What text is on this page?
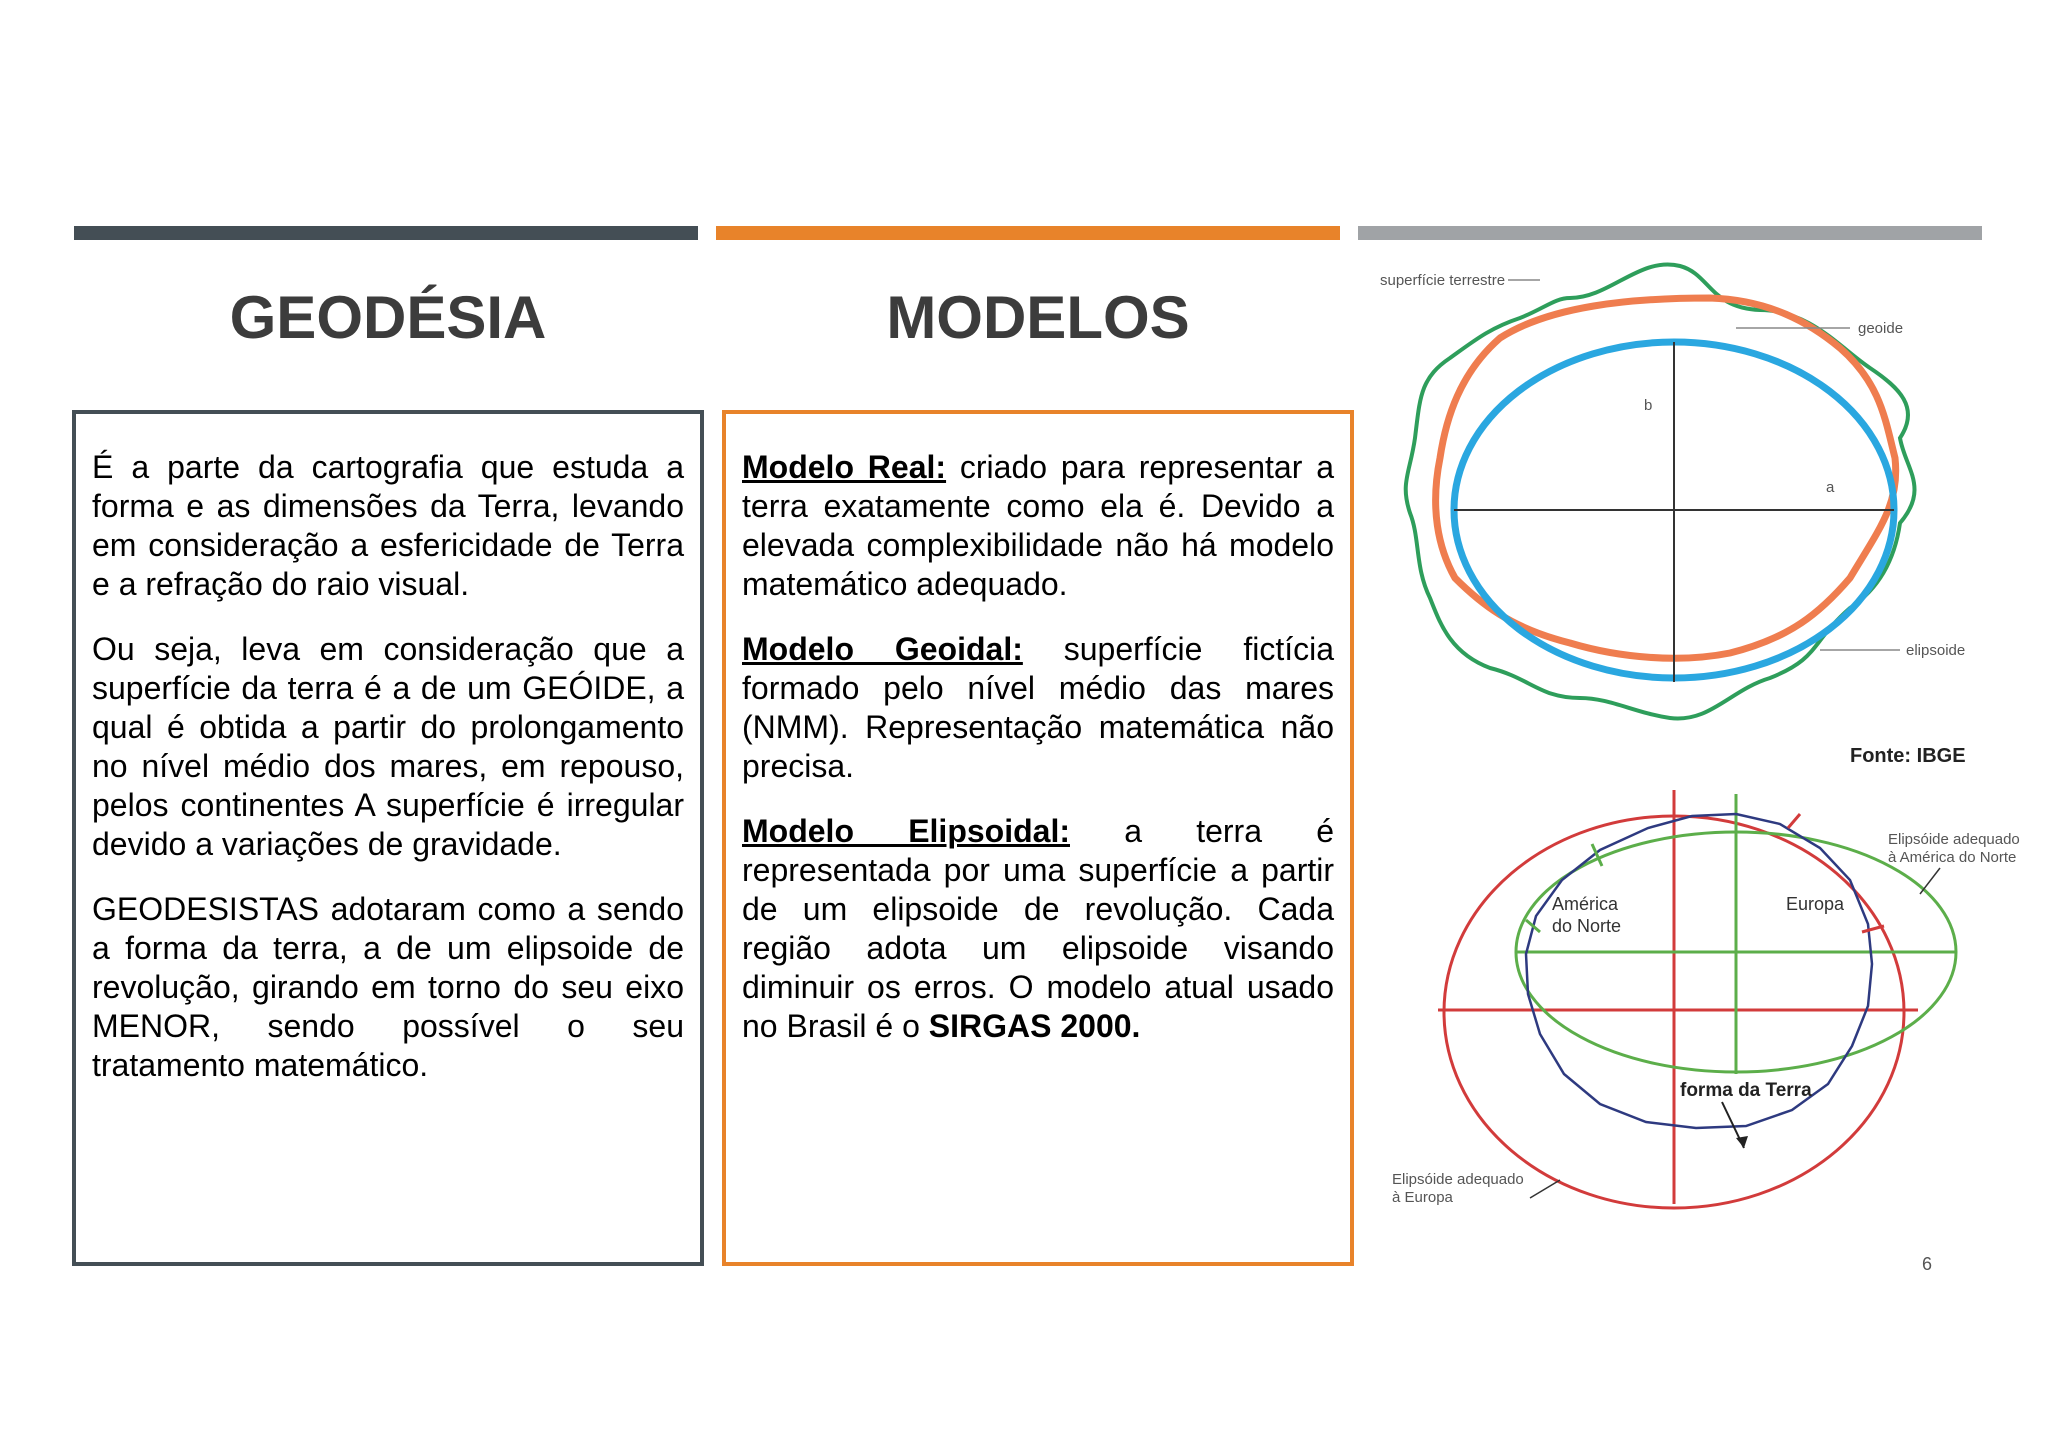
GEODÉSIA	MODELOS

É a parte da cartografia que estuda a forma e as dimensões da Terra, levando em consideração a esfericidade de Terra e a refração do raio visual.

Ou seja, leva em consideração que a superfície da terra é a de um GEÓIDE, a qual é obtida a partir do prolongamento no nível médio dos mares, em repouso, pelos continentes A superfície é irregular devido a variações de gravidade.

GEODESISTAS adotaram como a sendo a forma da terra, a de um elipsoide de revolução, girando em torno do seu eixo MENOR, sendo possível o seu tratamento matemático.

Modelo Real: criado para representar a terra exatamente como ela é. Devido a elevada complexibilidade não há modelo matemático adequado.

Modelo Geoidal: superfície fictícia formado pelo nível médio das mares (NMM). Representação matemática não precisa.

Modelo Elipsoidal: a terra é representada por uma superfície a partir de um elipsoide de revolução. Cada região adota um elipsoide visando diminuir os erros. O modelo atual usado no Brasil é o SIRGAS 2000.

superfície terrestre
geoide
elipsoide
b
a
Fonte: IBGE
América
do Norte
Europa
forma da Terra
Elipsóide adequado
à América do Norte
Elipsóide adequado
à Europa
6
